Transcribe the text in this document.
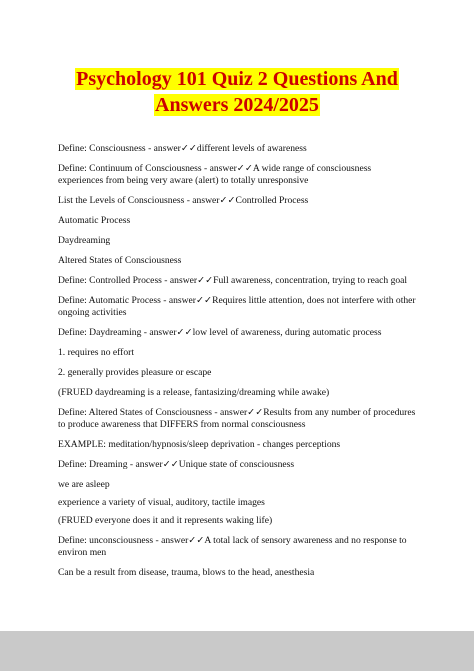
Psychology 101 Quiz 2 Questions And Answers 2024/2025

Define: Consciousness - answer✓✓different levels of awareness

Define: Continuum of Consciousness - answer✓✓A wide range of consciousness experiences from being very aware (alert) to totally unresponsive

List the Levels of Consciousness - answer✓✓Controlled Process

Automatic Process

Daydreaming

Altered States of Consciousness

Define: Controlled Process - answer✓✓Full awareness, concentration, trying to reach goal

Define: Automatic Process - answer✓✓Requires little attention, does not interfere with other ongoing activities

Define: Daydreaming - answer✓✓low level of awareness, during automatic process

1. requires no effort

2. generally provides pleasure or escape

(FRUED daydreaming is a release, fantasizing/dreaming while awake)

Define: Altered States of Consciousness - answer✓✓Results from any number of procedures to produce awareness that DIFFERS from normal consciousness

EXAMPLE: meditation/hypnosis/sleep deprivation - changes perceptions

Define: Dreaming - answer✓✓Unique state of consciousness

we are asleep

experience a variety of visual, auditory, tactile images

(FRUED everyone does it and it represents waking life)

Define: unconsciousness - answer✓✓A total lack of sensory awareness and no response to environ men

Can be a result from disease, trauma, blows to the head, anesthesia
